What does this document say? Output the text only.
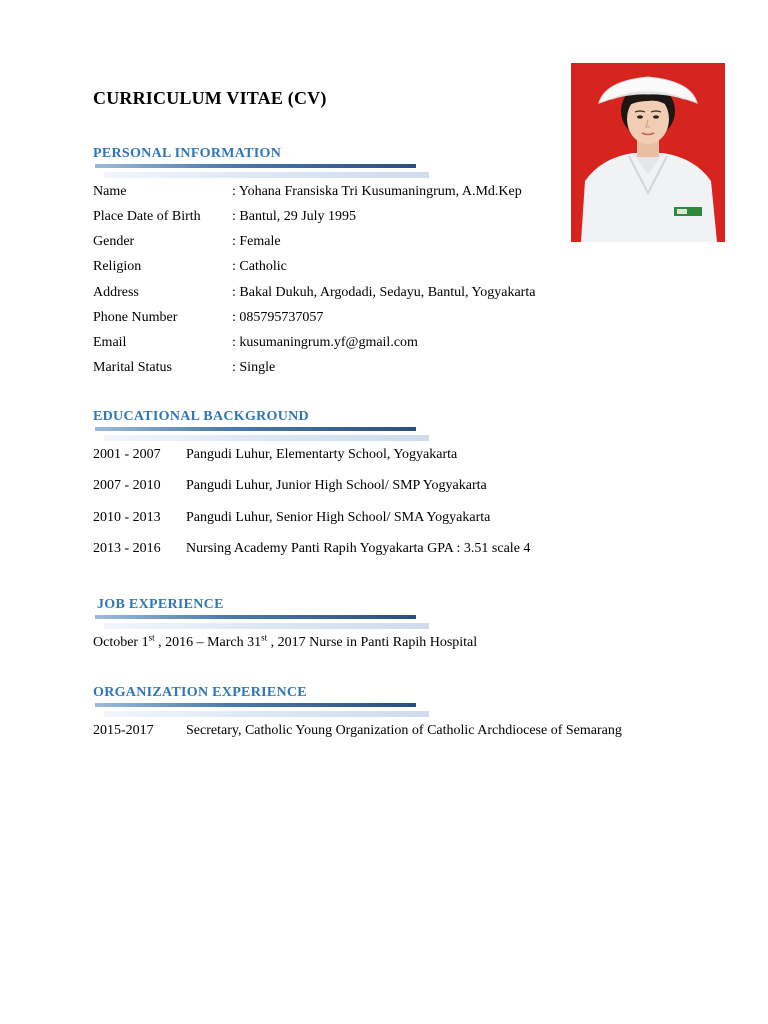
CURRICULUM VITAE (CV)
PERSONAL INFORMATION
Name	: Yohana Fransiska Tri Kusumaningrum, A.Md.Kep
Place Date of Birth : Bantul, 29 July 1995
Gender	: Female
Religion	: Catholic
Address	: Bakal Dukuh, Argodadi, Sedayu, Bantul, Yogyakarta
Phone Number	: 085795737057
Email	: kusumaningrum.yf@gmail.com
Marital Status	: Single
EDUCATIONAL BACKGROUND
2001 - 2007 Pangudi Luhur, Elementarty School, Yogyakarta
2007 - 2010 Pangudi Luhur, Junior High School/ SMP Yogyakarta
2010 - 2013 Pangudi Luhur, Senior High School/ SMA Yogyakarta
2013 - 2016 Nursing Academy Panti Rapih Yogyakarta GPA : 3.51 scale 4
JOB EXPERIENCE
October 1st , 2016 – March 31st , 2017 Nurse in Panti Rapih Hospital
ORGANIZATION EXPERIENCE
2015-2017 Secretary, Catholic Young Organization of Catholic Archdiocese of Semarang
